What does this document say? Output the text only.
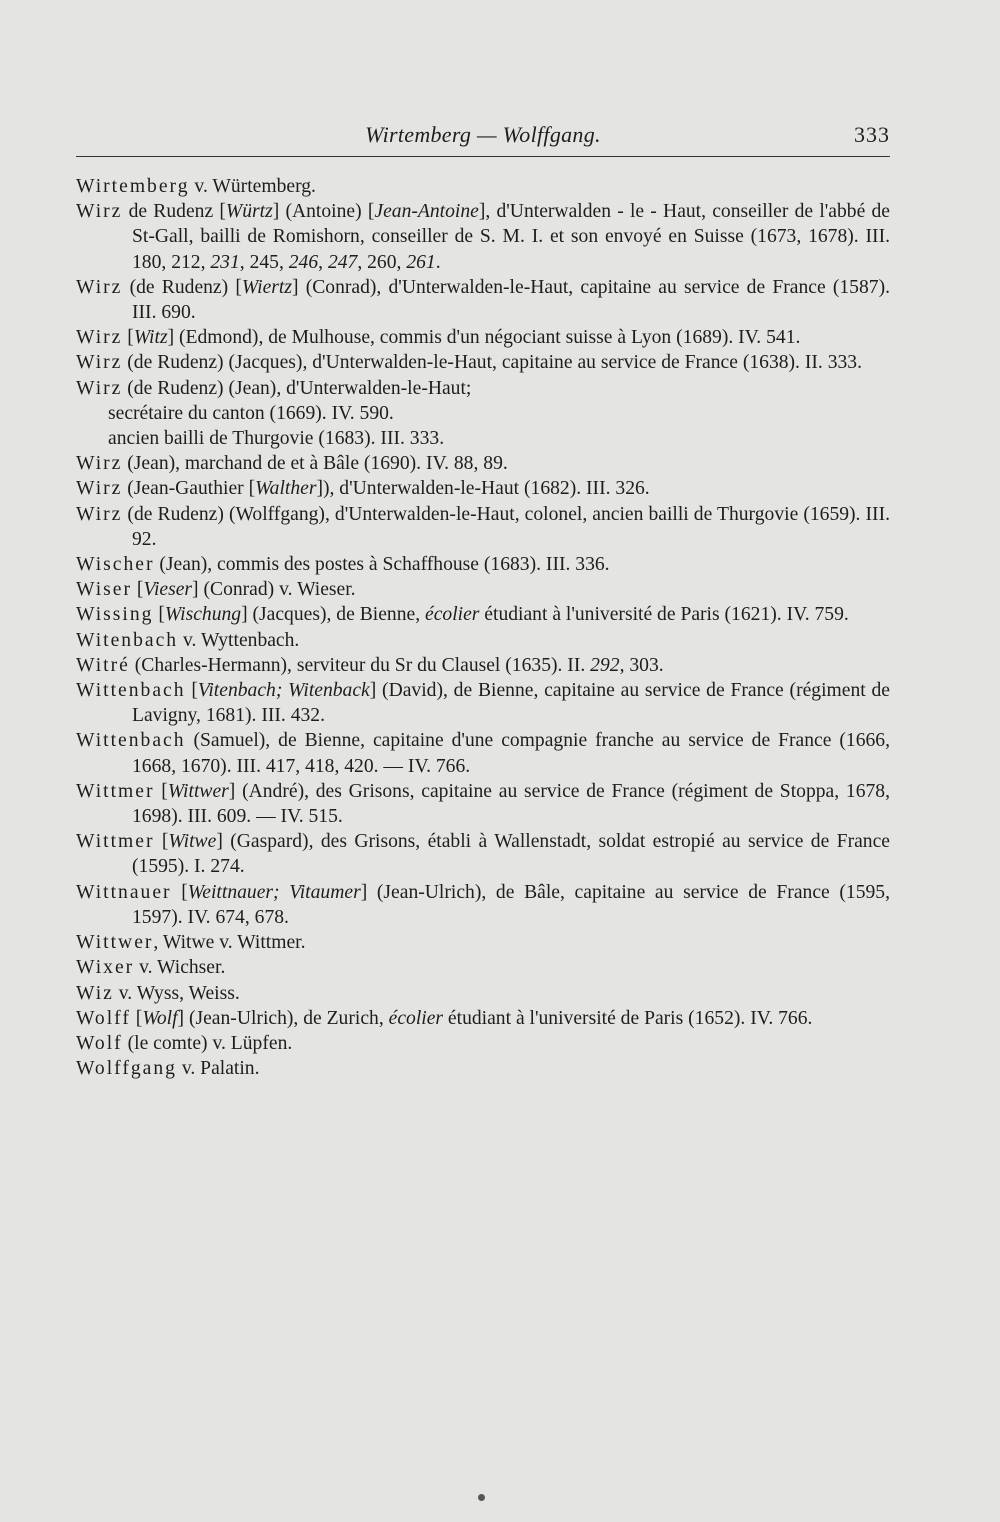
Wirtemberg — Wolffgang.	333
Wirtemberg v. Würtemberg.
Wirz de Rudenz [Würtz] (Antoine) [Jean-Antoine], d'Unterwalden - le - Haut, conseiller de l'abbé de St-Gall, bailli de Romishorn, conseiller de S. M. I. et son envoyé en Suisse (1673, 1678). III. 180, 212, 231, 245, 246, 247, 260, 261.
Wirz (de Rudenz) [Wiertz] (Conrad), d'Unterwalden-le-Haut, capitaine au service de France (1587). III. 690.
Wirz [Witz] (Edmond), de Mulhouse, commis d'un négociant suisse à Lyon (1689). IV. 541.
Wirz (de Rudenz) (Jacques), d'Unterwalden-le-Haut, capitaine au service de France (1638). II. 333.
Wirz (de Rudenz) (Jean), d'Unterwalden-le-Haut;
secrétaire du canton (1669). IV. 590.
ancien bailli de Thurgovie (1683). III. 333.
Wirz (Jean), marchand de et à Bâle (1690). IV. 88, 89.
Wirz (Jean-Gauthier [Walther]), d'Unterwalden-le-Haut (1682). III. 326.
Wirz (de Rudenz) (Wolffgang), d'Unterwalden-le-Haut, colonel, ancien bailli de Thurgovie (1659). III. 92.
Wischer (Jean), commis des postes à Schaffhouse (1683). III. 336.
Wiser [Vieser] (Conrad) v. Wieser.
Wissing [Wischung] (Jacques), de Bienne, écolier étudiant à l'université de Paris (1621). IV. 759.
Witenbach v. Wyttenbach.
Witré (Charles-Hermann), serviteur du Sr du Clausel (1635). II. 292, 303.
Wittenbach [Vitenbach; Witenback] (David), de Bienne, capitaine au service de France (régiment de Lavigny, 1681). III. 432.
Wittenbach (Samuel), de Bienne, capitaine d'une compagnie franche au service de France (1666, 1668, 1670). III. 417, 418, 420. — IV. 766.
Wittmer [Wittwer] (André), des Grisons, capitaine au service de France (régiment de Stoppa, 1678, 1698). III. 609. — IV. 515.
Wittmer [Witwe] (Gaspard), des Grisons, établi à Wallenstadt, soldat estropié au service de France (1595). I. 274.
Wittnauer [Weittnauer; Vitaumer] (Jean-Ulrich), de Bâle, capitaine au service de France (1595, 1597). IV. 674, 678.
Wittwer, Witwe v. Wittmer.
Wixer v. Wichser.
Wiz v. Wyss, Weiss.
Wolff [Wolf] (Jean-Ulrich), de Zurich, écolier étudiant à l'université de Paris (1652). IV. 766.
Wolf (le comte) v. Lüpfen.
Wolffgang v. Palatin.
